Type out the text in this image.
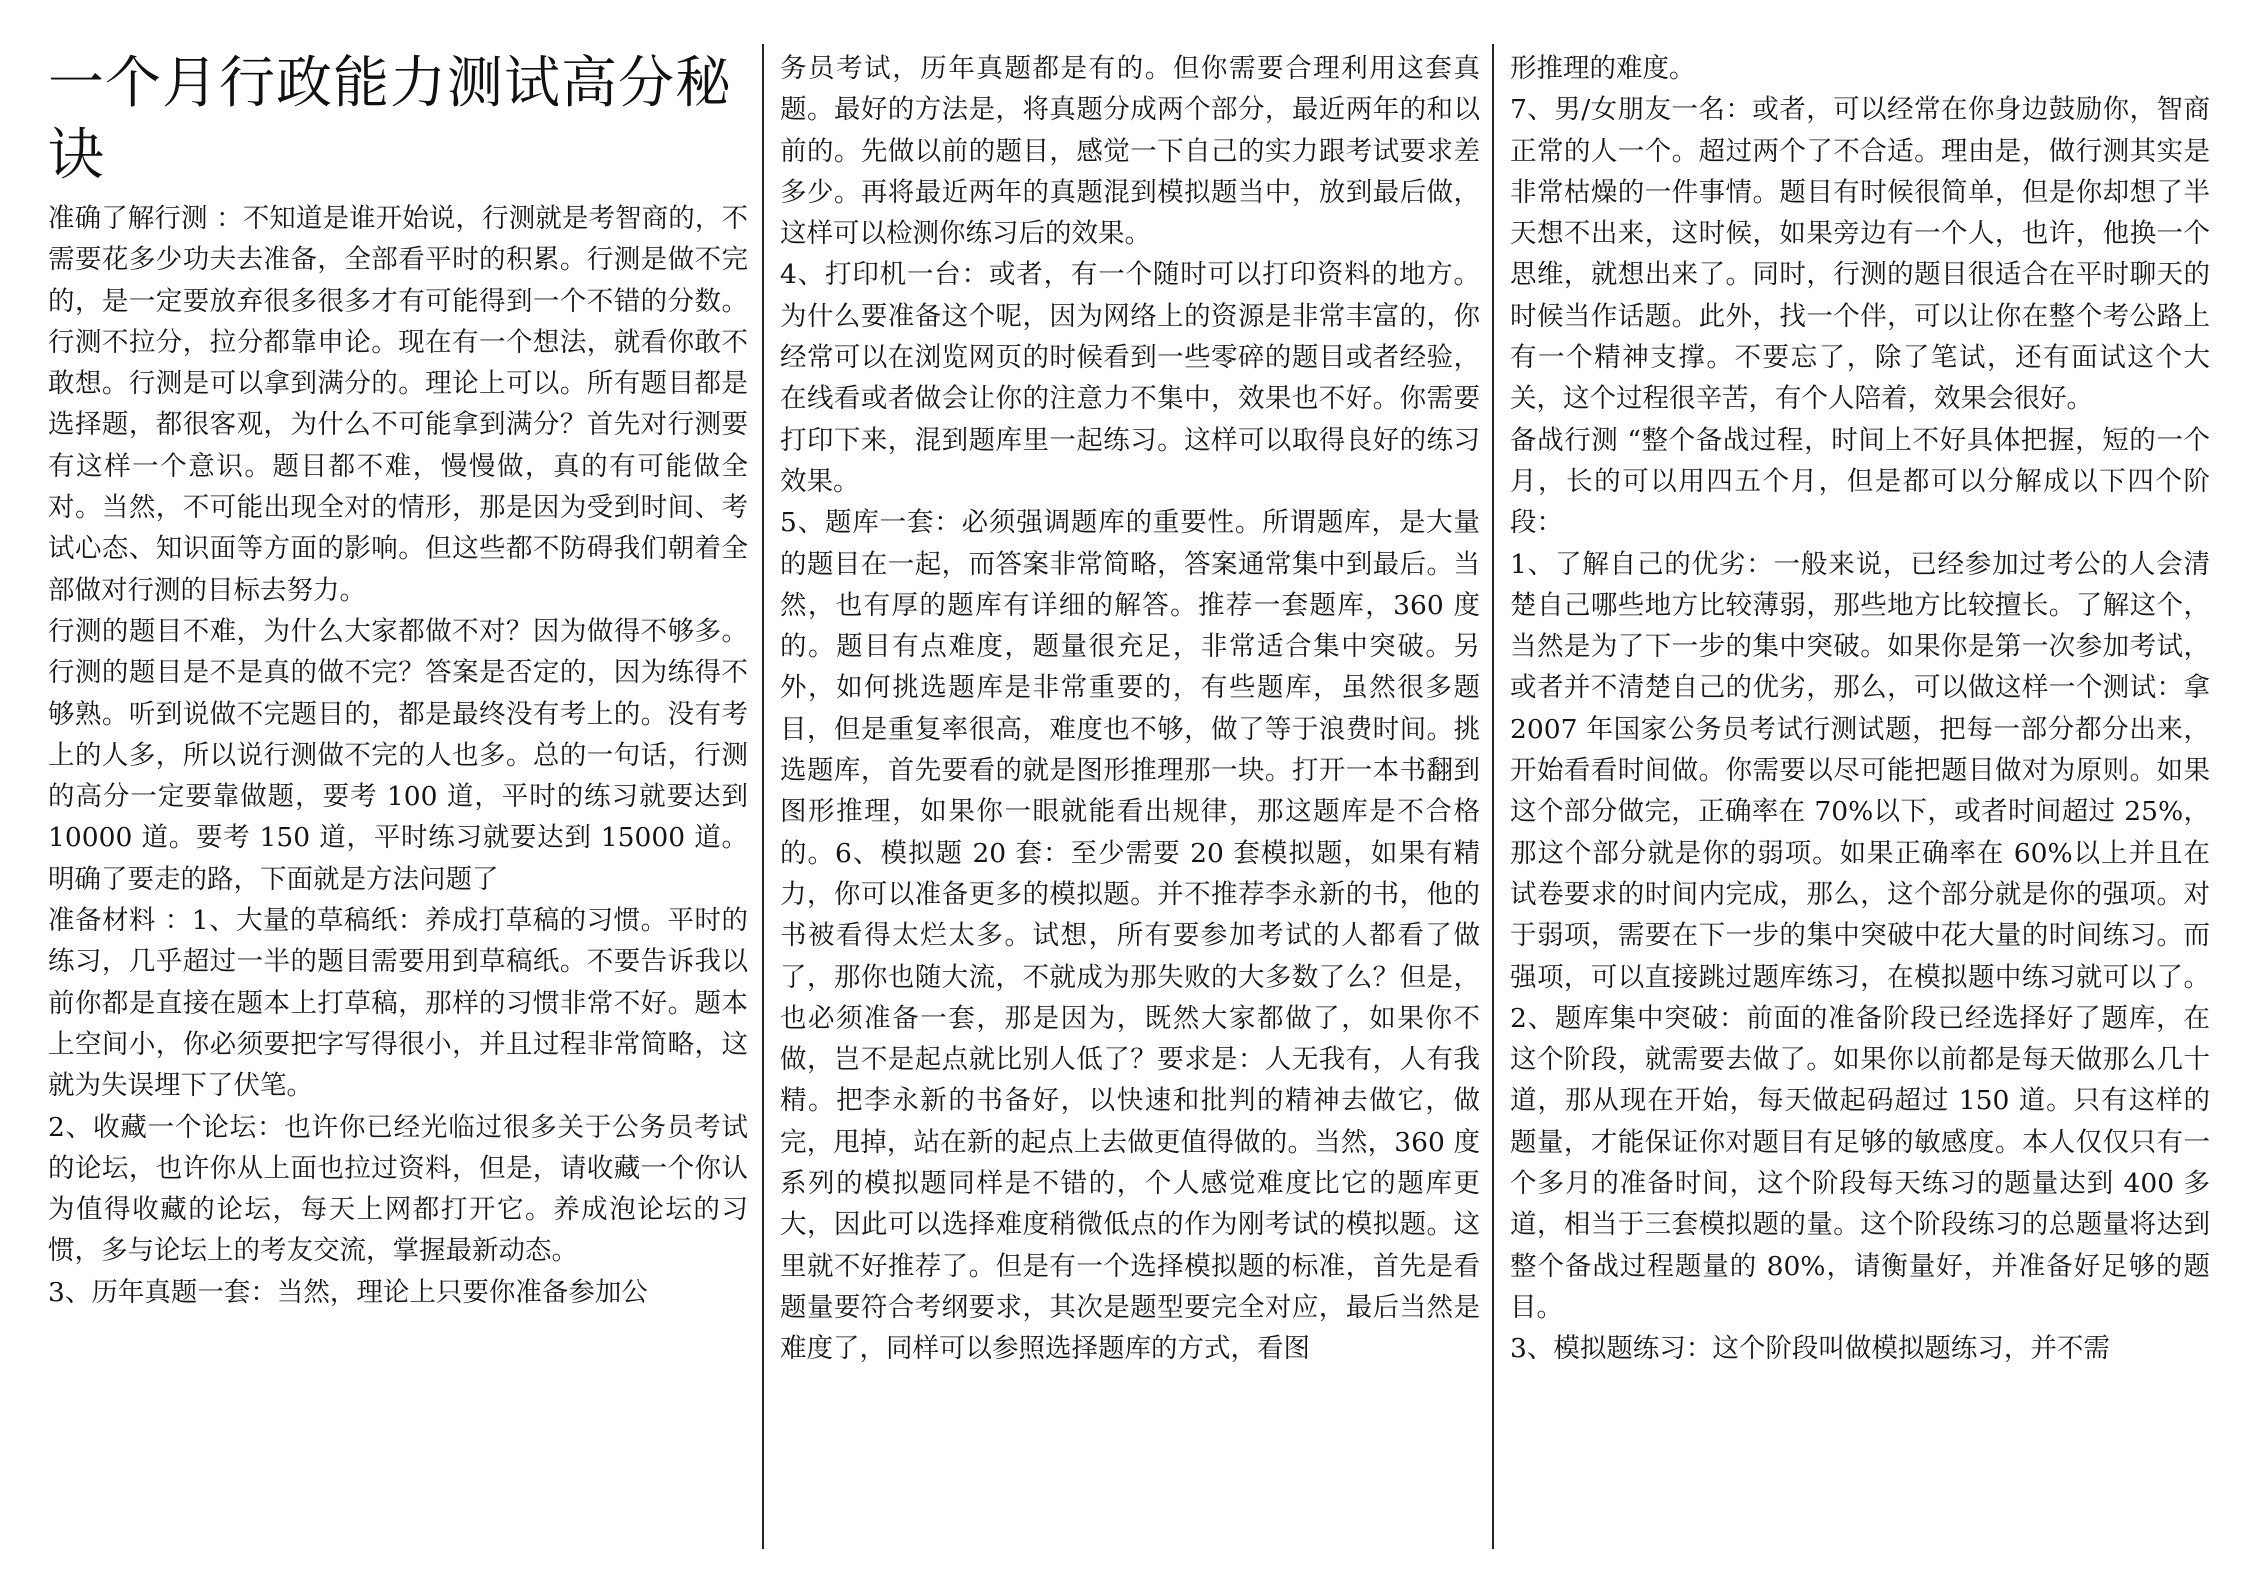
一个月行政能力测试高分秘诀

准确了解行测 ：不知道是谁开始说，行测就是考智商的，不需要花多少功夫去准备，全部看平时的积累。行测是做不完的，是一定要放弃很多很多才有可能得到一个不错的分数。行测不拉分，拉分都靠申论。现在有一个想法，就看你敢不敢想。行测是可以拿到满分的。理论上可以。所有题目都是选择题，都很客观，为什么不可能拿到满分？首先对行测要有这样一个意识。题目都不难，慢慢做，真的有可能做全对。当然，不可能出现全对的情形，那是因为受到时间、考试心态、知识面等方面的影响。但这些都不防碍我们朝着全部做对行测的目标去努力。

行测的题目不难，为什么大家都做不对？因为做得不够多。行测的题目是不是真的做不完？答案是否定的，因为练得不够熟。听到说做不完题目的，都是最终没有考上的。没有考上的人多，所以说行测做不完的人也多。总的一句话，行测的高分一定要靠做题，要考 100 道，平时的练习就要达到 10000 道。要考 150 道，平时练习就要达到 15000 道。明确了要走的路，下面就是方法问题了

准备材料 ：1、大量的草稿纸：养成打草稿的习惯。平时的练习，几乎超过一半的题目需要用到草稿纸。不要告诉我以前你都是直接在题本上打草稿，那样的习惯非常不好。题本上空间小，你必须要把字写得很小，并且过程非常简略，这就为失误埋下了伏笔。

2、收藏一个论坛：也许你已经光临过很多关于公务员考试的论坛，也许你从上面也拉过资料，但是，请收藏一个你认为值得收藏的论坛，每天上网都打开它。养成泡论坛的习惯，多与论坛上的考友交流，掌握最新动态。

3、历年真题一套：当然，理论上只要你准备参加公

务员考试，历年真题都是有的。但你需要合理利用这套真题。最好的方法是，将真题分成两个部分，最近两年的和以前的。先做以前的题目，感觉一下自己的实力跟考试要求差多少。再将最近两年的真题混到模拟题当中，放到最后做，这样可以检测你练习后的效果。

4、打印机一台：或者，有一个随时可以打印资料的地方。为什么要准备这个呢，因为网络上的资源是非常丰富的，你经常可以在浏览网页的时候看到一些零碎的题目或者经验，在线看或者做会让你的注意力不集中，效果也不好。你需要打印下来，混到题库里一起练习。这样可以取得良好的练习效果。

5、题库一套：必须强调题库的重要性。所谓题库，是大量的题目在一起，而答案非常简略，答案通常集中到最后。当然，也有厚的题库有详细的解答。推荐一套题库，360 度的。题目有点难度，题量很充足，非常适合集中突破。另外，如何挑选题库是非常重要的，有些题库，虽然很多题目，但是重复率很高，难度也不够，做了等于浪费时间。挑选题库，首先要看的就是图形推理那一块。打开一本书翻到图形推理，如果你一眼就能看出规律，那这题库是不合格的。6、模拟题 20 套：至少需要 20 套模拟题，如果有精力，你可以准备更多的模拟题。并不推荐李永新的书，他的书被看得太烂太多。试想，所有要参加考试的人都看了做了，那你也随大流，不就成为那失败的大多数了么？但是，也必须准备一套，那是因为，既然大家都做了，如果你不做，岂不是起点就比别人低了？要求是：人无我有，人有我精。把李永新的书备好，以快速和批判的精神去做它，做完，甩掉，站在新的起点上去做更值得做的。当然，360 度系列的模拟题同样是不错的，个人感觉难度比它的题库更大，因此可以选择难度稍微低点的作为刚考试的模拟题。这里就不好推荐了。但是有一个选择模拟题的标准，首先是看题量要符合考纲要求，其次是题型要完全对应，最后当然是难度了，同样可以参照选择题库的方式，看图

形推理的难度。

7、男/女朋友一名：或者，可以经常在你身边鼓励你，智商正常的人一个。超过两个了不合适。理由是，做行测其实是非常枯燥的一件事情。题目有时候很简单，但是你却想了半天想不出来，这时候，如果旁边有一个人，也许，他换一个思维，就想出来了。同时，行测的题目很适合在平时聊天的时候当作话题。此外，找一个伴，可以让你在整个考公路上有一个精神支撑。不要忘了，除了笔试，还有面试这个大关，这个过程很辛苦，有个人陪着，效果会很好。

备战行测 “整个备战过程，时间上不好具体把握，短的一个月，长的可以用四五个月，但是都可以分解成以下四个阶段：

1、了解自己的优劣：一般来说，已经参加过考公的人会清楚自己哪些地方比较薄弱，那些地方比较擅长。了解这个，当然是为了下一步的集中突破。如果你是第一次参加考试，或者并不清楚自己的优劣，那么，可以做这样一个测试：拿 2007 年国家公务员考试行测试题，把每一部分都分出来，开始看看时间做。你需要以尽可能把题目做对为原则。如果这个部分做完，正确率在 70%以下，或者时间超过 25%，那这个部分就是你的弱项。如果正确率在 60%以上并且在试卷要求的时间内完成，那么，这个部分就是你的强项。对于弱项，需要在下一步的集中突破中花大量的时间练习。而强项，可以直接跳过题库练习，在模拟题中练习就可以了。2、题库集中突破：前面的准备阶段已经选择好了题库，在这个阶段，就需要去做了。如果你以前都是每天做那么几十道，那从现在开始，每天做起码超过 150 道。只有这样的题量，才能保证你对题目有足够的敏感度。本人仅仅只有一个多月的准备时间，这个阶段每天练习的题量达到 400 多道，相当于三套模拟题的量。这个阶段练习的总题量将达到整个备战过程题量的 80%，请衡量好，并准备好足够的题目。

3、模拟题练习：这个阶段叫做模拟题练习，并不需
